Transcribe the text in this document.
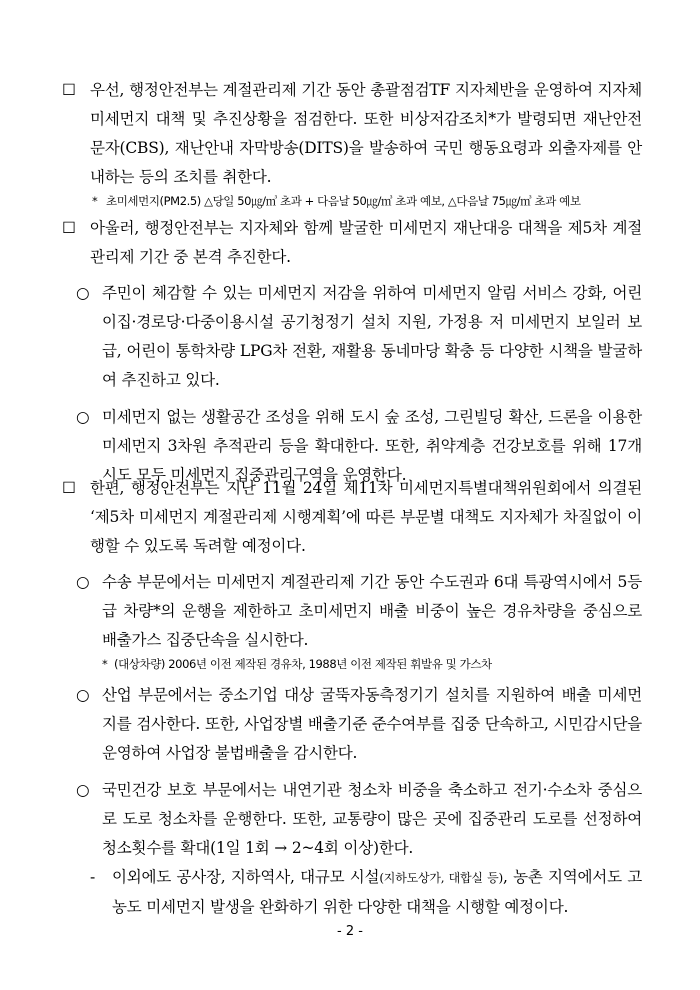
☐ 우선, 행정안전부는 계절관리제 기간 동안 총괄점검TF 지자체반을 운영하여 지자체 미세먼지 대책 및 추진상황을 점검한다. 또한 비상저감조치*가 발령되면 재난안전문자(CBS), 재난안내 자막방송(DITS)을 발송하여 국민 행동요령과 외출자제를 안내하는 등의 조치를 취한다.
* 초미세먼지(PM2.5) △당일 50㎍/㎥ 초과 + 다음날 50㎍/㎥ 초과 예보, △다음날 75㎍/㎥ 초과 예보
☐ 아울러, 행정안전부는 지자체와 함께 발굴한 미세먼지 재난대응 대책을 제5차 계절관리제 기간 중 본격 추진한다.
○ 주민이 체감할 수 있는 미세먼지 저감을 위하여 미세먼지 알림 서비스 강화, 어린이집·경로당·다중이용시설 공기청정기 설치 지원, 가정용 저 미세먼지 보일러 보급, 어린이 통학차량 LPG차 전환, 재활용 동네마당 확충 등 다양한 시책을 발굴하여 추진하고 있다.
○ 미세먼지 없는 생활공간 조성을 위해 도시 숲 조성, 그린빌딩 확산, 드론을 이용한 미세먼지 3차원 추적관리 등을 확대한다. 또한, 취약계층 건강보호를 위해 17개 시도 모두 미세먼지 집중관리구역을 운영한다.
☐ 한편, 행정안전부는 지난 11월 24일 제11차 미세먼지특별대책위원회에서 의결된 ‘제5차 미세먼지 계절관리제 시행계획’에 따른 부문별 대책도 지자체가 차질없이 이행할 수 있도록 독려할 예정이다.
○ 수송 부문에서는 미세먼지 계절관리제 기간 동안 수도권과 6대 특광역시에서 5등급 차량*의 운행을 제한하고 초미세먼지 배출 비중이 높은 경유차량을 중심으로 배출가스 집중단속을 실시한다.
* (대상차량) 2006년 이전 제작된 경유차, 1988년 이전 제작된 휘발유 및 가스차
○ 산업 부문에서는 중소기업 대상 굴뚝자동측정기기 설치를 지원하여 배출 미세먼지를 검사한다. 또한, 사업장별 배출기준 준수여부를 집중 단속하고, 시민감시단을 운영하여 사업장 불법배출을 감시한다.
○ 국민건강 보호 부문에서는 내연기관 청소차 비중을 축소하고 전기·수소차 중심으로 도로 청소차를 운행한다. 또한, 교통량이 많은 곳에 집중관리 도로를 선정하여 청소횟수를 확대(1일 1회 → 2~4회 이상)한다.
-	이외에도 공사장, 지하역사, 대규모 시설(지하도상가, 대합실 등), 농촌 지역에서도 고농도 미세먼지 발생을 완화하기 위한 다양한 대책을 시행할 예정이다.
- 2 -
